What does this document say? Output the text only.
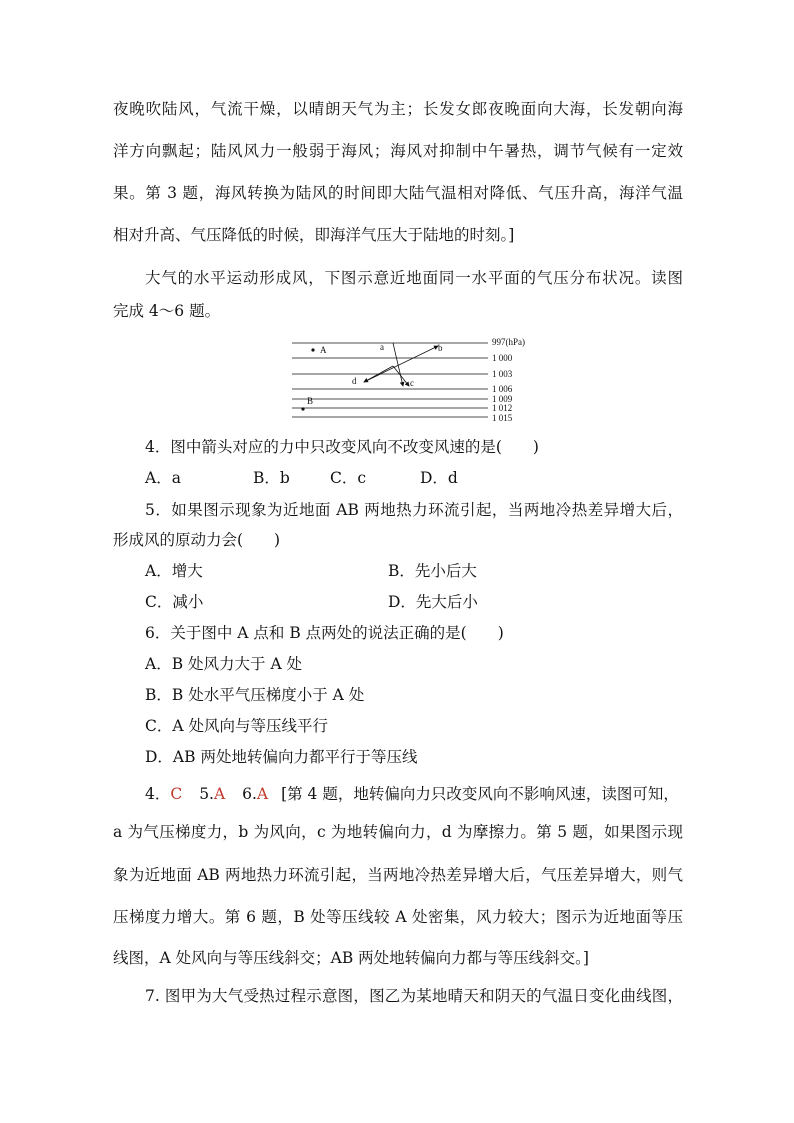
夜晚吹陆风，气流干燥，以晴朗天气为主；长发女郎夜晚面向大海，长发朝向海
洋方向飘起；陆风风力一般弱于海风；海风对抑制中午暑热，调节气候有一定效
果。第 3 题，海风转换为陆风的时间即大陆气温相对降低、气压升高，海洋气温
相对升高、气压降低的时候，即海洋气压大于陆地的时刻。]
大气的水平运动形成风，下图示意近地面同一水平面的气压分布状况。读图
完成 4～6 题。
997(hPa)
1 000
1 003
1 006
1 009
1 012
1 015
A
B
a	b
c
d
4．图中箭头对应的力中只改变风向不改变风速的是(　　)
A．a	B．b	C．c	D．d
5．如果图示现象为近地面 AB 两地热力环流引起，当两地冷热差异增大后，
形成风的原动力会(　　)
A．增大	B．先小后大
C．减小	D．先大后小
6．关于图中 A 点和 B 点两处的说法正确的是(　　)
A．B 处风力大于 A 处
B．B 处水平气压梯度小于 A 处
C．A 处风向与等压线平行
D．AB 两处地转偏向力都平行于等压线
4．C 5.A 6.A [第 4 题，地转偏向力只改变风向不影响风速，读图可知，
a 为气压梯度力，b 为风向，c 为地转偏向力，d 为摩擦力。第 5 题，如果图示现
象为近地面 AB 两地热力环流引起，当两地冷热差异增大后，气压差异增大，则气
压梯度力增大。第 6 题，B 处等压线较 A 处密集，风力较大；图示为近地面等压
线图，A 处风向与等压线斜交；AB 两处地转偏向力都与等压线斜交。]
7. 图甲为大气受热过程示意图，图乙为某地晴天和阴天的气温日变化曲线图，
